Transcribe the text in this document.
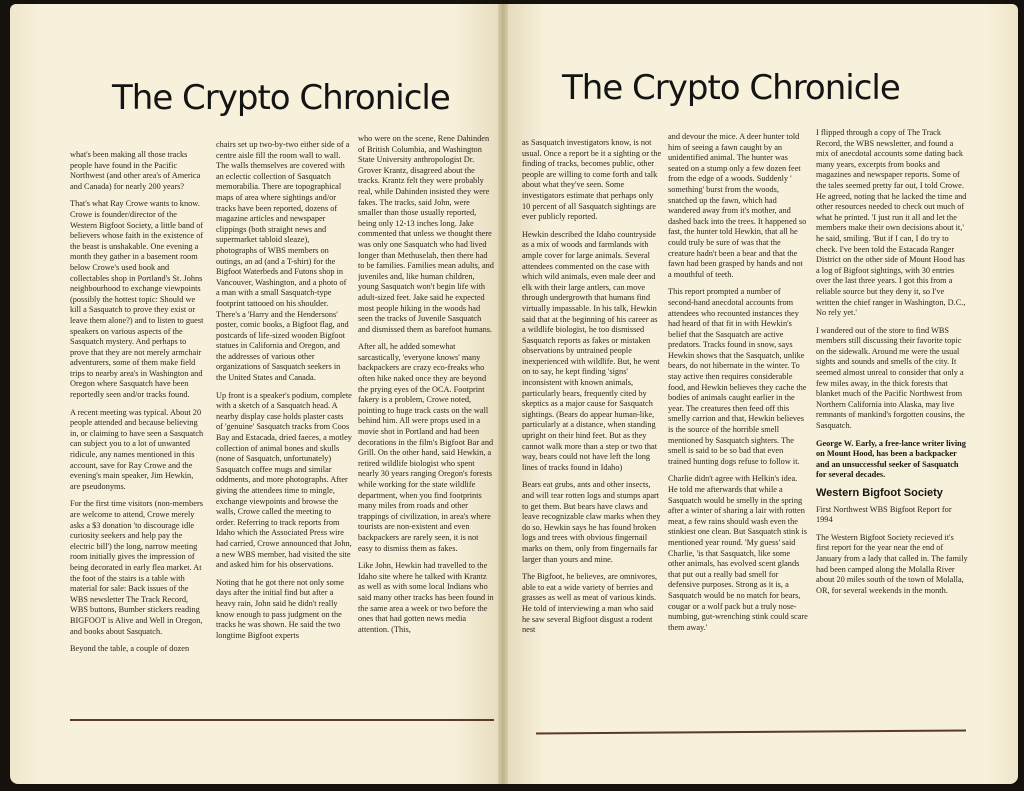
The Crypto Chronicle	The Crypto Chronicle

what's been making all those tracks people have found in the Pacific Northwest (and other area's of America and Canada) for nearly 200 years?

That's what Ray Crowe wants to know. Crowe is founder/director of the Western Bigfoot Society, a little band of believers whose faith in the existence of the beast is unshakable. One evening a month they gather in a basement room below Crowe's used book and collectables shop in Portland's St. Johns neighbourhood to exchange viewpoints (possibly the hottest topic: Should we kill a Sasquatch to prove they exist or leave them alone?) and to listen to guest speakers on various aspects of the Sasquatch mystery. And perhaps to prove that they are not merely armchair adventurers, some of them make field trips to nearby area's in Washington and Oregon where Sasquatch have been reportedly seen and/or tracks found.

A recent meeting was typical. About 20 people attended and because believing in, or claiming to have seen a Sasquatch can subject you to a lot of unwanted ridicule, any names mentioned in this account, save for Ray Crowe and the evening's main speaker, Jim Hewkin, are pseudonyms.

For the first time visitors (non-members are welcome to attend, Crowe merely asks a $3 donation 'to discourage idle curiosity seekers and help pay the electric bill') the long, narrow meeting room initially gives the impression of being decorated in early flea market. At the foot of the stairs is a table with material for sale: Back issues of the WBS newsletter The Track Record, WBS buttons, Bumber stickers reading BIGFOOT is Alive and Well in Oregon, and books about Sasquatch.

Beyond the table, a couple of dozen

chairs set up two-by-two either side of a centre aisle fill the room wall to wall. The walls themselves are covered with an eclectic collection of Sasquatch memorabilia. There are topographical maps of area where sightings and/or tracks have been reported, dozens of magazine articles and newspaper clippings (both straight news and supermarket tabloid sleaze), photographs of WBS members on outings, an ad (and a T-shirt) for the Bigfoot Waterbeds and Futons shop in Vancouver, Washington, and a photo of a man with a small Sasquatch-type footprint tattooed on his shoulder. There's a 'Harry and the Hendersons' poster, comic books, a Bigfoot flag, and postcards of life-sized wooden Bigfoot statues in California and Oregon, and the addresses of various other organizations of Sasquatch seekers in the United States and Canada.

Up front is a speaker's podium, complete with a sketch of a Sasquatch head. A nearby display case holds plaster casts of 'genuine' Sasquatch tracks from Coos Bay and Estacada, dried faeces, a motley collection of animal bones and skulls (none of Sasquatch, unfortunately) Sasquatch coffee mugs and similar oddments, and more photographs. After giving the attendees time to mingle, exchange viewpoints and browse the walls, Crowe called the meeting to order. Referring to track reports from Idaho which the Associated Press wire had carried, Crowe announced that John, a new WBS member, had visited the site and asked him for his observations.

Noting that he got there not only some days after the initial find but after a heavy rain, John said he didn't really know enough to pass judgment on the tracks he was shown. He said the two longtime Bigfoot experts

who were on the scene, Rene Dahinden of British Columbia, and Washington State University anthropologist Dr. Grover Krantz, disagreed about the tracks. Krantz felt they were probably real, while Dahinden insisted they were fakes. The tracks, said John, were smaller than those usually reported, being only 12-13 inches long. Jake commented that unless we thought there was only one Sasquatch who had lived longer than Methuselah, then there had to be families. Families mean adults, and juveniles and, like human children, young Sasquatch won't begin life with adult-sized feet. Jake said he expected most people hiking in the woods had seen the tracks of Juvenile Sasquatch and dismissed them as barefoot humans.

After all, he added somewhat sarcastically, 'everyone knows' many backpackers are crazy eco-freaks who often hike naked once they are beyond the prying eyes of the OCA. Footprint fakery is a problem, Crowe noted, pointing to huge track casts on the wall behind him. All were props used in a movie shot in Portland and had been decorations in the film's Bigfoot Bar and Grill. On the other hand, said Hewkin, a retired wildlife biologist who spent nearly 30 years ranging Oregon's forests while working for the state wildlife department, when you find footprints many miles from roads and other trappings of civilization, in area's where tourists are non-existent and even backpackers are rarely seen, it is not easy to dismiss them as fakes.

Like John, Hewkin had travelled to the Idaho site where he talked with Krantz as well as with some local Indians who said many other tracks has been found in the same area a week or two before the ones that had gotten news media attention. (This,

as Sasquatch investigators know, is not usual. Once a report be it a sighting or the finding of tracks, becomes public, other people are willing to come forth and talk about what they've seen. Some investigators estimate that perhaps only 10 percent of all Sasquatch sightings are ever publicly reported.

Hewkin described the Idaho countryside as a mix of woods and farmlands with ample cover for large animals. Several attendees commented on the case with which wild animals, even male deer and elk with their large antlers, can move through undergrowth that humans find virtually impassable. In his talk, Hewkin said that at the beginning of his career as a wildlife biologist, he too dismissed Sasquatch reports as fakes or mistaken observations by untrained people inexperienced with wildlife. But, he went on to say, he kept finding 'signs' inconsistent with known animals, particularly bears, frequently cited by skeptics as a major cause for Sasquatch sightings. (Bears do appear human-like, particularly at a distance, when standing upright on their hind feet. But as they cannot walk more than a step or two that way, bears could not have left the long lines of tracks found in Idaho)

Bears eat grubs, ants and other insects, and will tear rotten logs and stumps apart to get them. But bears have claws and leave recognizable claw marks when they do so. Hewkin says he has found broken logs and trees with obvious fingernail marks on them, only from fingernails far larger than yours and mine.

The Bigfoot, he believes, are omnivores, able to eat a wide variety of berries and grasses as well as meat of various kinds. He told of interviewing a man who said he saw several Bigfoot disgust a rodent nest

and devour the mice. A deer hunter told him of seeing a fawn caught by an unidentified animal. The hunter was seated on a stump only a few dozen feet from the edge of a woods. Suddenly ' something' burst from the woods, snatched up the fawn, which had wandered away from it's mother, and dashed back into the trees. It happened so fast, the hunter told Hewkin, that all he could truly be sure of was that the creature hadn't been a bear and that the fawn had been grasped by hands and not a mouthful of teeth.

This report prompted a number of second-hand anecdotal accounts from attendees who recounted instances they had heard of that fit in with Hewkin's belief that the Sasquatch are active predators. Tracks found in snow, says Hewkin shows that the Sasquatch, unlike bears, do not hibernate in the winter. To stay active then requires considerable food, and Hewkin believes they cache the bodies of animals caught earlier in the year. The creatures then feed off this smelly carrion and that, Hewkin believes is the source of the horrible smell mentioned by Sasquatch sighters. The smell is said to be so bad that even trained hunting dogs refuse to follow it.

Charlie didn't agree with Helkin's idea. He told me afterwards that while a Sasquatch would be smelly in the spring after a winter of sharing a lair with rotten meat, a few rains should wash even the stinkiest one clean. But Sasquatch stink is mentioned year round. 'My guess' said Charlie, 'is that Sasquatch, like some other animals, has evolved scent glands that put out a really bad smell for defensive purposes. Strong as it is, a Sasquatch would be no match for bears, cougar or a wolf pack but a truly nose-numbing, gut-wrenching stink could scare them away.'

I flipped through a copy of The Track Record, the WBS newsletter, and found a mix of anecdotal accounts some dating back many years, excerpts from books and magazines and newspaper reports. Some of the tales seemed pretty far out, I told Crowe. He agreed, noting that he lacked the time and other resources needed to check out much of what he printed. 'I just run it all and let the members make their own decisions about it,' he said, smiling. 'But if I can, I do try to check. I've been told the Estacada Ranger District on the other side of Mount Hood has a log of Bigfoot sightings, with 30 entries over the last three years. I got this from a reliable source but they deny it, so I've written the chief ranger in Washington, D.C., No rely yet.'

I wandered out of the store to find WBS members still discussing their favorite topic on the sidewalk. Around me were the usual sights and sounds and smells of the city. It seemed almost unreal to consider that only a few miles away, in the thick forests that blanket much of the Pacific Northwest from Northern California into Alaska, may live remnants of mankind's forgotten cousins, the Sasquatch.

George W. Early, a free-lance writer living on Mount Hood, has been a backpacker and an unsuccessful seeker of Sasquatch for several decades.

Western Bigfoot Society

First Northwest WBS Bigfoot Report for 1994

The Western Bigfoot Society recieved it's first report for the year near the end of January from a lady that called in. The family had been camped along the Molalla River about 20 miles south of the town of Molalla, OR, for several weekends in the month.
